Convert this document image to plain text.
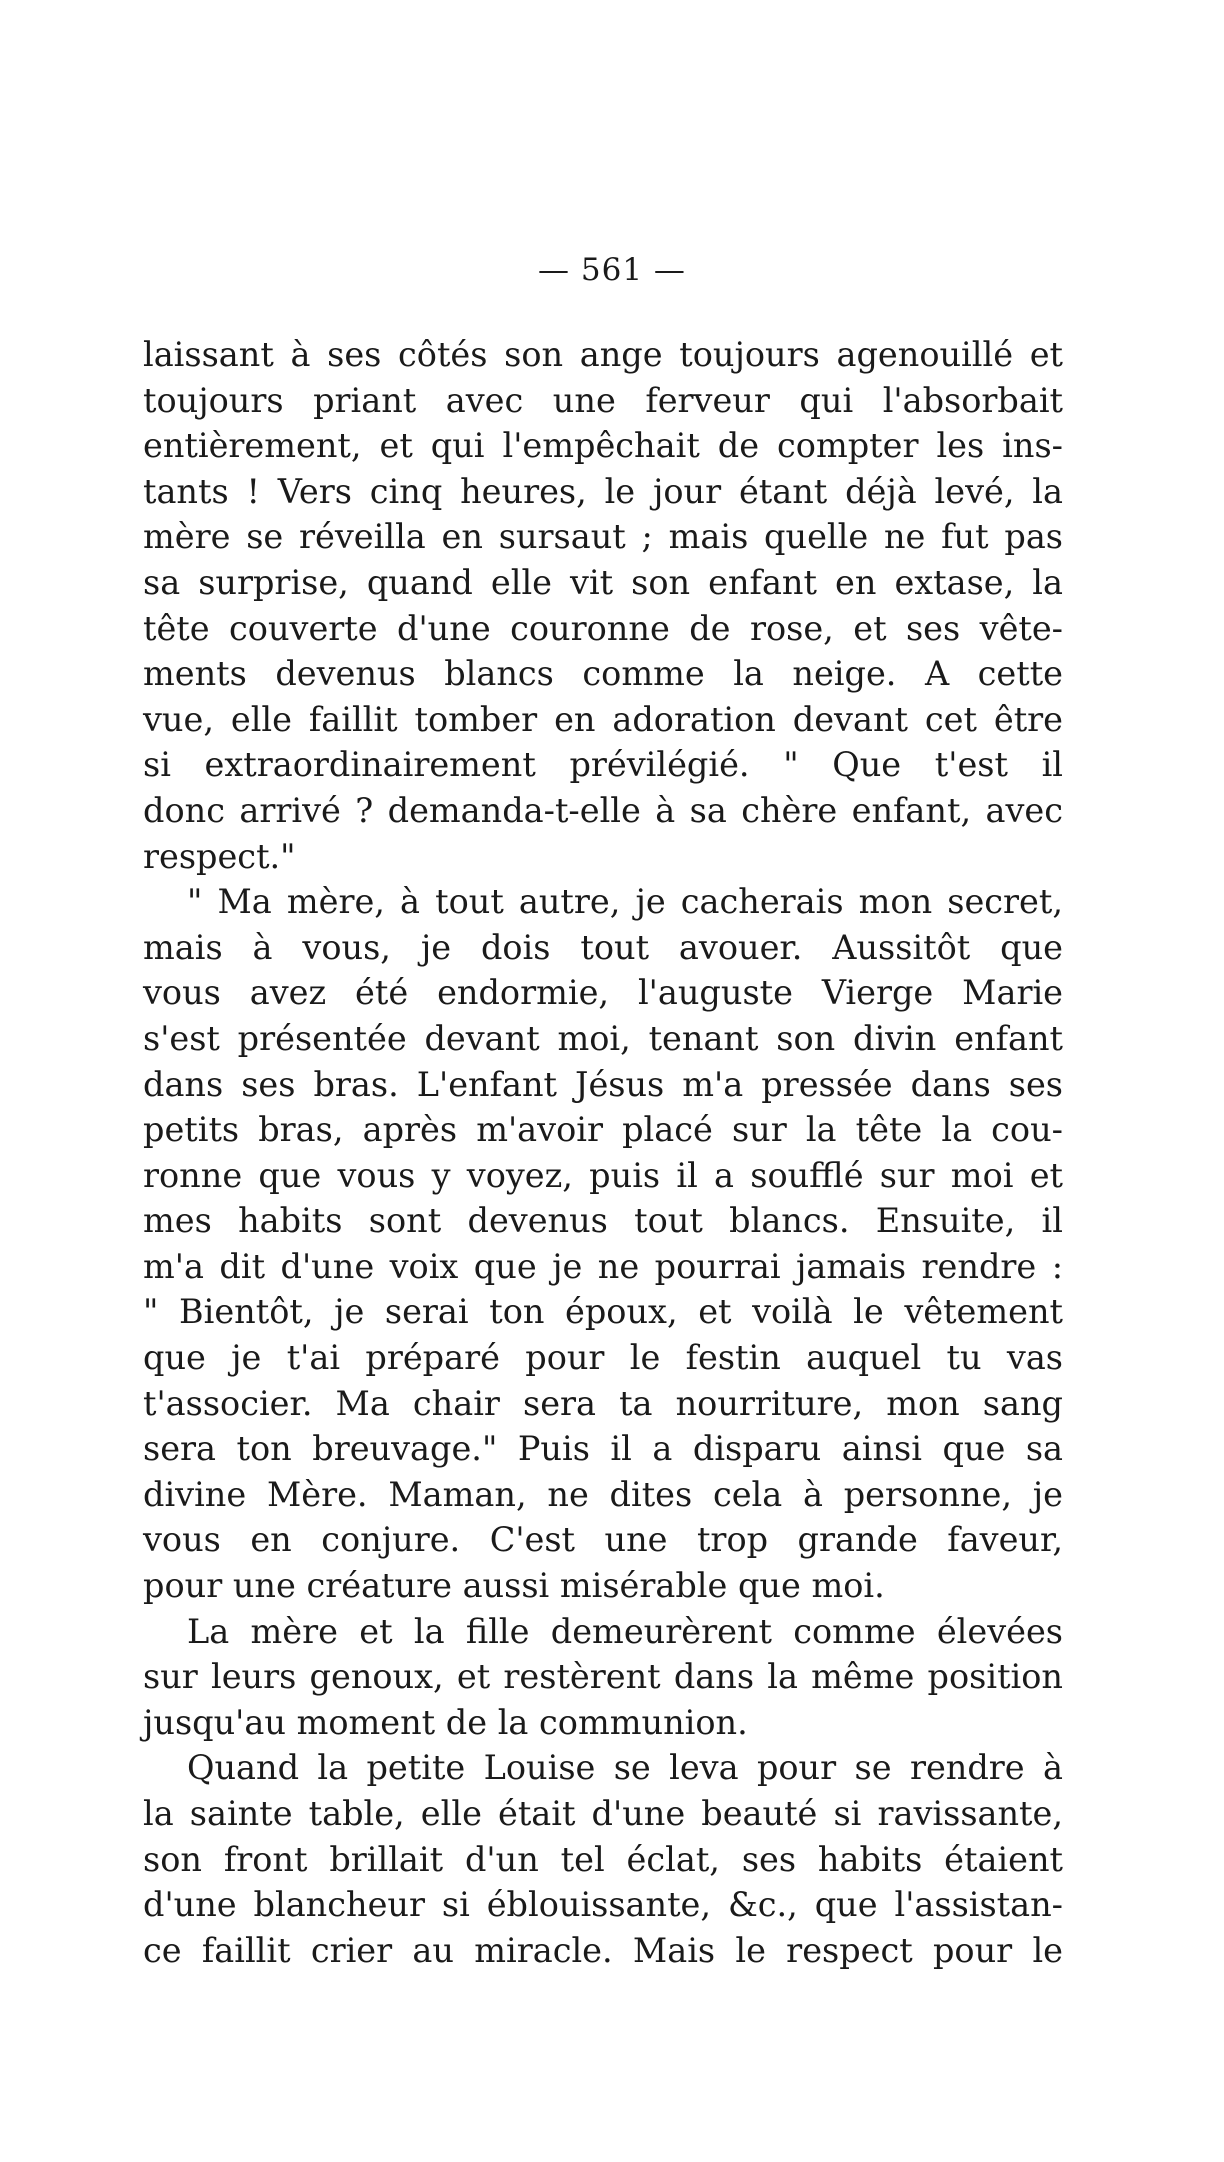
— 561 —
laissant à ses côtés son ange toujours agenouillé et
toujours priant avec une ferveur qui l'absorbait
entièrement, et qui l'empêchait de compter les ins-
tants ! Vers cinq heures, le jour étant déjà levé, la
mère se réveilla en sursaut ; mais quelle ne fut pas
sa surprise, quand elle vit son enfant en extase, la
tête couverte d'une couronne de rose, et ses vête-
ments devenus blancs comme la neige. A cette
vue, elle faillit tomber en adoration devant cet être
si extraordinairement prévilégié. " Que t'est il
donc arrivé ? demanda-t-elle à sa chère enfant, avec
respect."
" Ma mère, à tout autre, je cacherais mon secret,
mais à vous, je dois tout avouer. Aussitôt que
vous avez été endormie, l'auguste Vierge Marie
s'est présentée devant moi, tenant son divin enfant
dans ses bras. L'enfant Jésus m'a pressée dans ses
petits bras, après m'avoir placé sur la tête la cou-
ronne que vous y voyez, puis il a soufflé sur moi et
mes habits sont devenus tout blancs. Ensuite, il
m'a dit d'une voix que je ne pourrai jamais rendre :
" Bientôt, je serai ton époux, et voilà le vêtement
que je t'ai préparé pour le festin auquel tu vas
t'associer. Ma chair sera ta nourriture, mon sang
sera ton breuvage." Puis il a disparu ainsi que sa
divine Mère. Maman, ne dites cela à personne, je
vous en conjure. C'est une trop grande faveur,
pour une créature aussi misérable que moi.
La mère et la fille demeurèrent comme élevées
sur leurs genoux, et restèrent dans la même position
jusqu'au moment de la communion.
Quand la petite Louise se leva pour se rendre à
la sainte table, elle était d'une beauté si ravissante,
son front brillait d'un tel éclat, ses habits étaient
d'une blancheur si éblouissante, &c., que l'assistan-
ce faillit crier au miracle. Mais le respect pour le
